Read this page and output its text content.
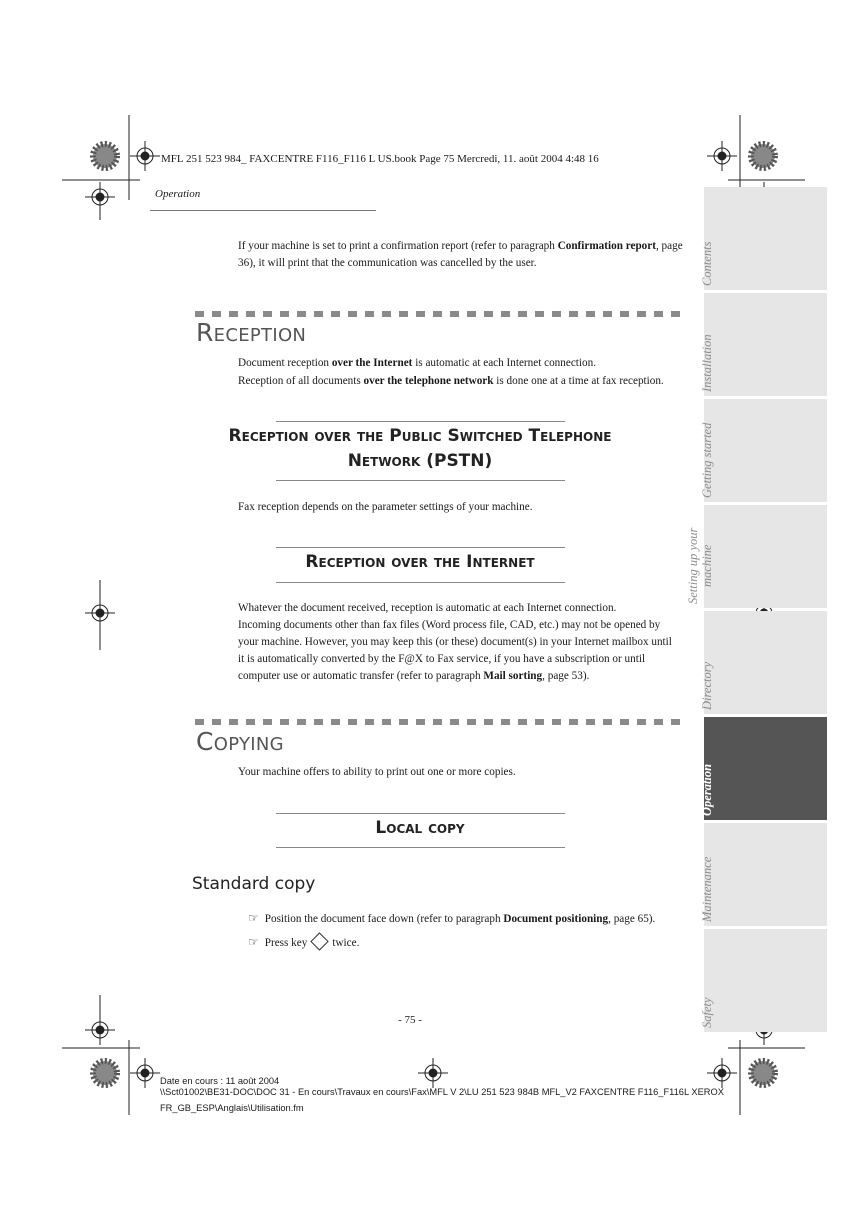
MFL 251 523 984_ FAXCENTRE F116_F116 L US.book Page 75 Mercredi, 11. août 2004 4:48 16
Operation
If your machine is set to print a confirmation report (refer to paragraph Confirmation report, page 36), it will print that the communication was cancelled by the user.
Reception
Document reception over the Internet is automatic at each Internet connection.
Reception of all documents over the telephone network is done one at a time at fax reception.
Reception over the Public Switched Telephone
Network (PSTN)
Fax reception depends on the parameter settings of your machine.
Reception over the Internet
Whatever the document received, reception is automatic at each Internet connection.
Incoming documents other than fax files (Word process file, CAD, etc.) may not be opened by
your machine. However, you may keep this (or these) document(s) in your Internet mailbox until
it is automatically converted by the F@X to Fax service, if you have a subscription or until
computer use or automatic transfer (refer to paragraph Mail sorting, page 53).
Copying
Your machine offers to ability to print out one or more copies.
Local copy
Standard copy
☞ Position the document face down (refer to paragraph Document positioning, page 65).
☞ Press key twice.
- 75 -
Date en cours : 11 août 2004
\\Sct01002\BE31-DOC\DOC 31 - En cours\Travaux en cours\Fax\MFL V 2\LU 251 523 984B MFL_V2 FAXCENTRE F116_F116L XEROX
FR_GB_ESP\Anglais\Utilisation.fm
Contents
Installation
Getting started
Setting up your machine
Directory
Operation
Maintenance
Safety
